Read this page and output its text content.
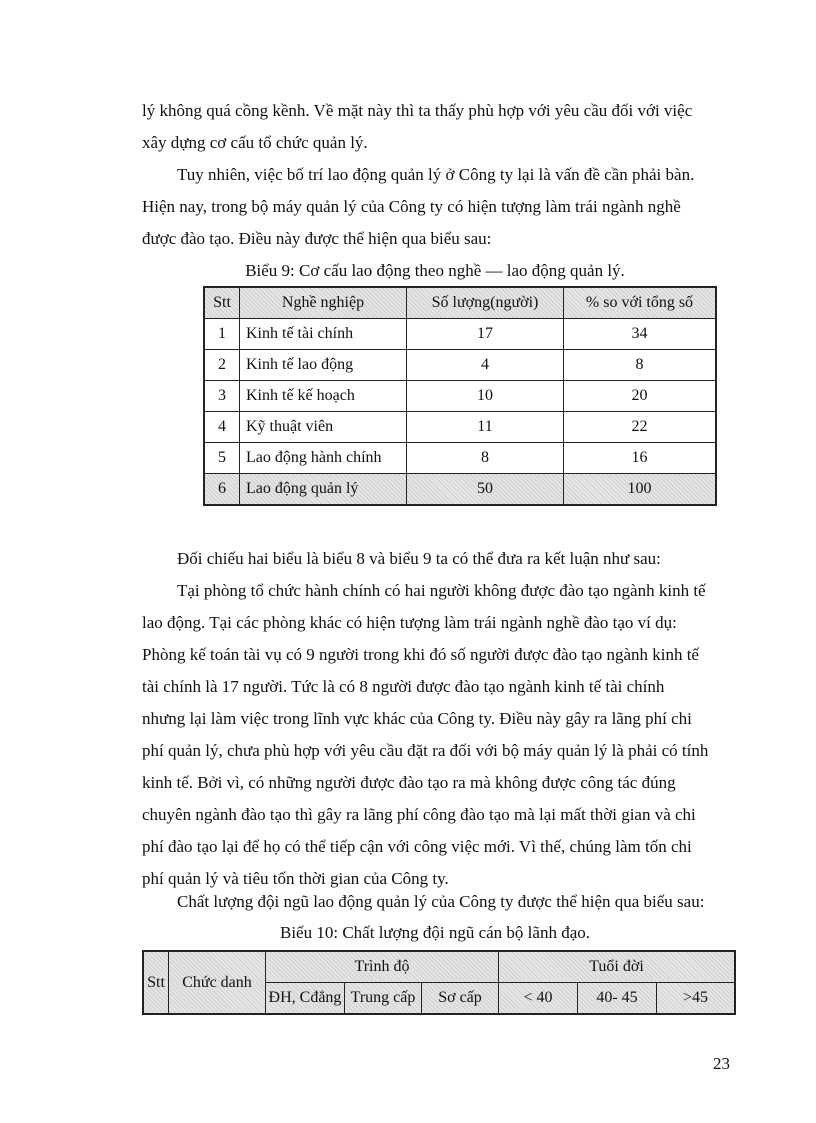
lý không quá cồng kềnh. Về mặt này thì ta thấy phù hợp với yêu cầu đối với việc

xây dựng cơ cấu tổ chức quản lý.

Tuy nhiên, việc bố trí lao động quản lý ở Công ty lại là vấn đề cần phải bàn.

Hiện nay, trong bộ máy quản lý của Công ty có hiện tượng làm trái ngành nghề

được đào tạo. Điều này được thể hiện qua biểu sau:

Biểu 9: Cơ cấu lao động theo nghề — lao động quản lý.

Stt	Nghề nghiệp	Số lượng(người)	% so với tổng số
1	Kinh tế tài chính	17	34
2	Kinh tế lao động	4	8
3	Kinh tế kế hoạch	10	20
4	Kỹ thuật viên	11	22
5	Lao động hành chính	8	16
6	Lao động quản lý	50	100

Đối chiếu hai biểu là biểu 8 và biểu 9 ta có thể đưa ra kết luận như sau:

Tại phòng tổ chức hành chính có hai người không được đào tạo ngành kinh tế

lao động. Tại các phòng khác có hiện tượng làm trái ngành nghề đào tạo ví dụ:

Phòng kế toán tài vụ có 9 người trong khi đó số người được đào tạo ngành kinh tế

tài chính là 17 người. Tức là có 8 người được đào tạo ngành kinh tế tài chính

nhưng lại làm việc trong lĩnh vực khác của Công ty. Điều này gây ra lãng phí chi

phí quản lý, chưa phù hợp với yêu cầu đặt ra đối với bộ máy quản lý là phải có tính

kinh tế. Bởi vì, có những người được đào tạo ra mà không được công tác đúng

chuyên ngành đào tạo thì gây ra lãng phí công đào tạo mà lại mất thời gian và chi

phí đào tạo lại để họ có thể tiếp cận với công việc mới. Vì thế, chúng làm tốn chi

phí quản lý và tiêu tốn thời gian của Công ty.

Chất lượng đội ngũ lao động quản lý của Công ty được thể hiện qua biểu sau:

Biểu 10: Chất lượng đội ngũ cán bộ lãnh đạo.

Stt	Chức danh	Trình độ			Tuổi đời		
		ĐH, Cđẳng	Trung cấp	Sơ cấp	< 40	40- 45	>45
23
